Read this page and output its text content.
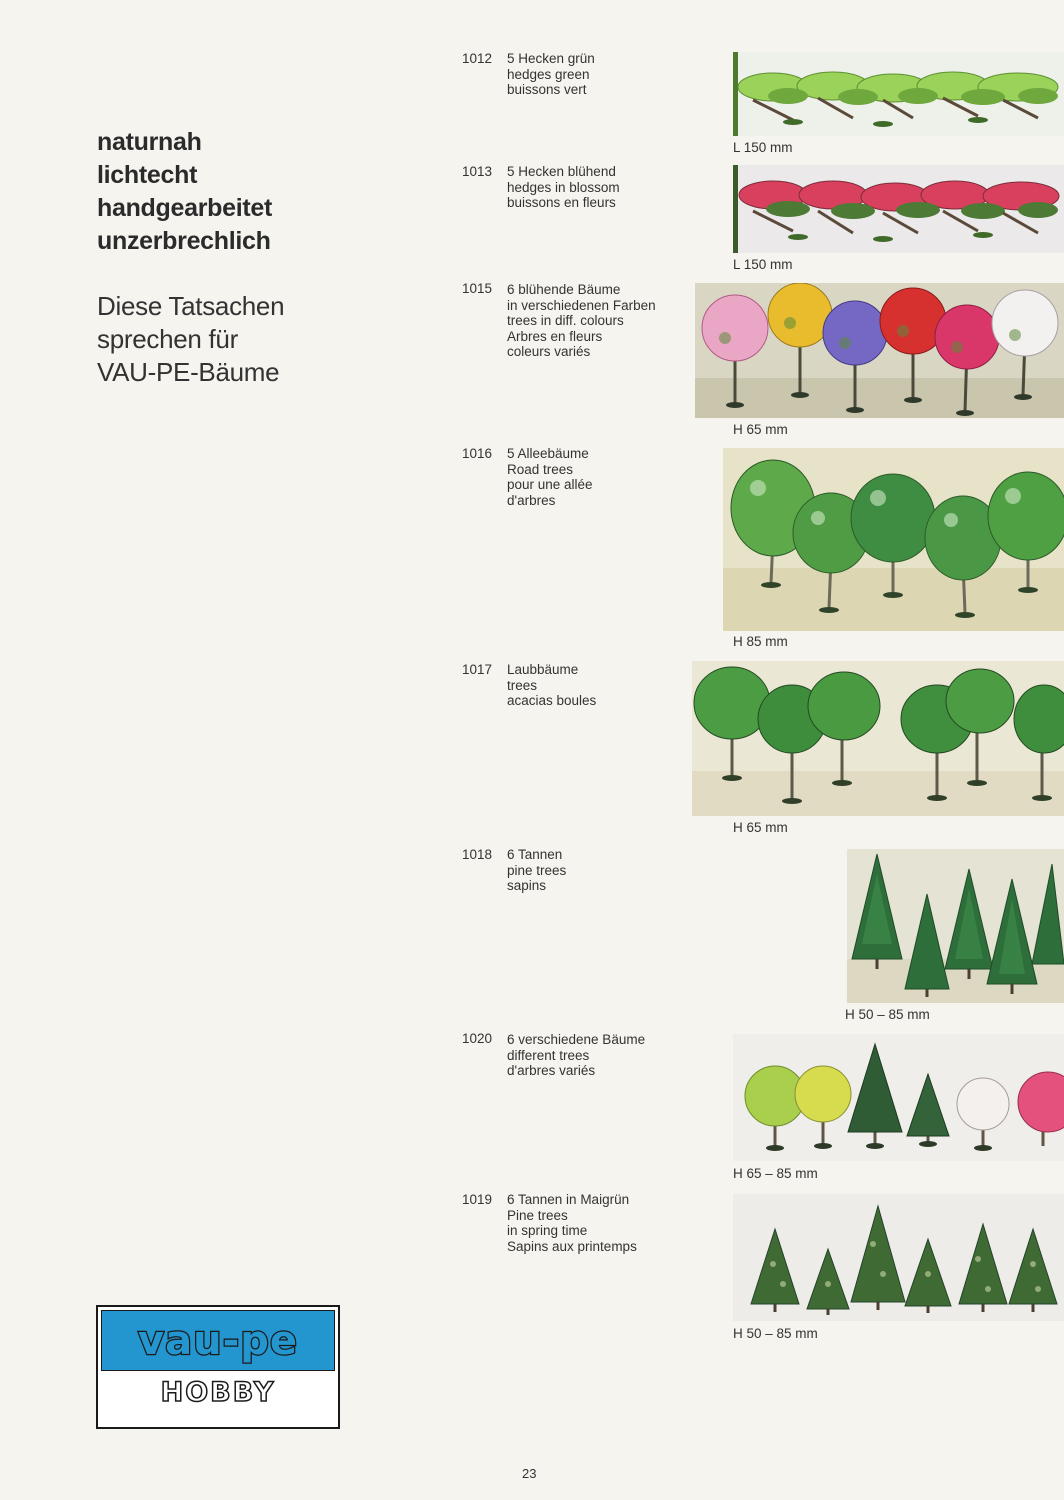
naturnah
lichtecht
handgearbeitet
unzerbrechlich
Diese Tatsachen
sprechen für
VAU-PE-Bäume
vau-pe
HOBBY
1012 5 Hecken grün
hedges green
buissons vert
L 150 mm
1013 5 Hecken blühend
hedges in blossom
buissons en fleurs
L 150 mm
1015 6 blühende Bäume
in verschiedenen Farben
trees in diff. colours
Arbres en fleurs
coleurs variés
H 65 mm
1016 5 Alleebäume
Road trees
pour une allée
d'arbres
H 85 mm
1017 Laubbäume
trees
acacias boules
H 65 mm
1018 6 Tannen
pine trees
sapins
H 50 – 85 mm
1020 6 verschiedene Bäume
different trees
d'arbres variés
H 65 – 85 mm
1019 6 Tannen in Maigrün
Pine trees
in spring time
Sapins aux printemps
H 50 – 85 mm
23
